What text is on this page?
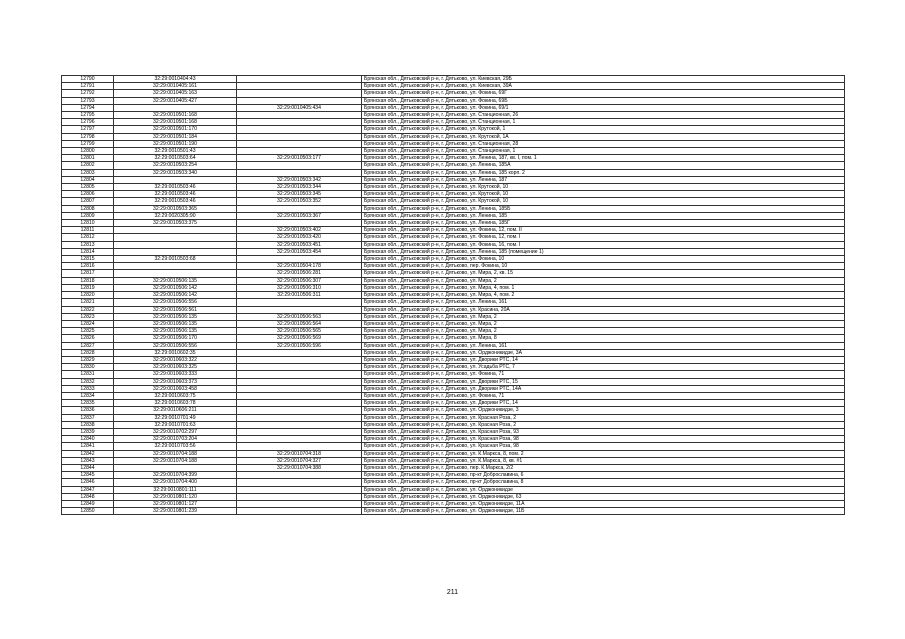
12790	32:29:0010404:43		Брянская обл., Дятьковский р-н, г. Дятьково, ул. Киевская, 29Б
12791	32:29:0010405:161		Брянская обл., Дятьковский р-н, г. Дятьково, ул. Киевская, 39А
12792	32:29:0010405:163		Брянская обл., Дятьковский р-н, г. Дятьково, ул. Фокина, 69Г
12793	32:29:0010405:427		Брянская обл., Дятьковский р-н, г. Дятьково, ул. Фокина, 69Б
12794		32:29:0010405:434	Брянская обл., Дятьковский р-н, г. Дятьково, ул. Фокина, 69/1
12795	32:29:0010501:168		Брянская обл., Дятьковский р-н, г. Дятьково, ул. Станционная, 26
12796	32:29:0010501:168		Брянская обл., Дятьковский р-н, г. Дятьково, ул. Станционная, 1
12797	32:29:0010501:170		Брянская обл., Дятьковский р-н, г. Дятьково, ул. Крутокой, 1
12798	32:29:0010501:184		Брянская обл., Дятьковский р-н, г. Дятьково, ул. Крутокой, 1А
12799	32:29:0010501:190		Брянская обл., Дятьковский р-н, г. Дятьково, ул. Станционная, 28
12800	32:29:0010501:43		Брянская обл., Дятьковский р-н, г. Дятьково, ул. Станционная, 1
12801	32:29:0010503:64	32:29:0010503:177	Брянская обл., Дятьковский р-н, г. Дятьково, ул. Ленина, 187, кв. I, пом. 1
12802	32:29:0010503:254		Брянская обл., Дятьковский р-н, г. Дятьково, ул. Ленина, 185А
12803	32:29:0010503:340		Брянская обл., Дятьковский р-н, г. Дятьково, ул. Ленина, 185 корп. 2
12804		32:29:0010503:342	Брянская обл., Дятьковский р-н, г. Дятьково, ул. Ленина, 187
12805	32:29:0010503:46	32:29:0010503:344	Брянская обл., Дятьковский р-н, г. Дятьково, ул. Крутокой, 10
12806	32:29:0010503:46	32:29:0010503:345	Брянская обл., Дятьковский р-н, г. Дятьково, ул. Крутокой, 10
12807	32:29:0010503:46	32:29:0010503:352	Брянская обл., Дятьковский р-н, г. Дятьково, ул. Крутокой, 10
12808	32:29:0010503:365		Брянская обл., Дятьковский р-н, г. Дятьково, ул. Ленина, 185Б
12809	32:29:0020305:90	32:29:0010503:367	Брянская обл., Дятьковский р-н, г. Дятьково, ул. Ленина, 185
12810	32:29:0010503:375		Брянская обл., Дятьковский р-н, г. Дятьково, ул. Ленина, 185Г
12811		32:29:0010503:402	Брянская обл., Дятьковский р-н, г. Дятьково, ул. Фокина, 12, пом. II
12812		32:29:0010503:420	Брянская обл., Дятьковский р-н, г. Дятьково, ул. Фокина, 12, пом. I
12813		32:29:0010503:451	Брянская обл., Дятьковский р-н, г. Дятьково, ул. Фокина, 16, пом. I
12814		32:29:0010503:454	Брянская обл., Дятьковский р-н, г. Дятьково, ул. Ленина, 185 (помещение 1)
12815	32:29:0010503:68		Брянская обл., Дятьковский р-н, г. Дятьково, ул. Фокина, 10
12816		32:29:0010504:178	Брянская обл., Дятьковский р-н, г. Дятьково, пер. Фокина, 10
12817		32:29:0010506:281	Брянская обл., Дятьковский р-н, г. Дятьково, ул. Мира, 2, кв. 15
12818	32:29:0010506:135	32:29:0010506:307	Брянская обл., Дятьковский р-н, г. Дятьково, ул. Мира, 2
12819	32:29:0010506:142	32:29:0010506:310	Брянская обл., Дятьковский р-н, г. Дятьково, ул. Мира, 4, пом. 1
12820	32:29:0010506:142	32:29:0010506:311	Брянская обл., Дятьковский р-н, г. Дятьково, ул. Мира, 4, пом. 2
12821	32:29:0010506:556		Брянская обл., Дятьковский р-н, г. Дятьково, ул. Ленина, 161
12822	32:29:0010506:561		Брянская обл., Дятьковский р-н, г. Дятьково, ул. Красина, 20А
12823	32:29:0010506:135	32:29:0010506:563	Брянская обл., Дятьковский р-н, г. Дятьково, ул. Мира, 2
12824	32:29:0010506:135	32:29:0010506:564	Брянская обл., Дятьковский р-н, г. Дятьково, ул. Мира, 2
12825	32:29:0010506:135	32:29:0010506:565	Брянская обл., Дятьковский р-н, г. Дятьково, ул. Мира, 2
12826	32:29:0010506:170	32:29:0010506:569	Брянская обл., Дятьковский р-н, г. Дятьково, ул. Мира, 8
12827	32:29:0010506:556	32:29:0010506:596	Брянская обл., Дятьковский р-н, г. Дятьково, ул. Ленина, 161
12828	32:29:0010602:35		Брянская обл., Дятьковский р-н, г. Дятьково, ул. Орджоникидзе, 3А
12829	32:29:0010603:322		Брянская обл., Дятьковский р-н, г. Дятьково, ул. Дворики РТС, 14
12830	32:29:0010603:325		Брянская обл., Дятьковский р-н, г. Дятьково, ул. Усадьба РТС, 7
12831	32:29:0010603:333		Брянская обл., Дятьковский р-н, г. Дятьково, ул. Фокина, 71
12832	32:29:0010603:373		Брянская обл., Дятьковский р-н, г. Дятьково, ул. Дворики РТС, 15
12833	32:29:0010603:458		Брянская обл., Дятьковский р-н, г. Дятьково, ул. Дворики РТС, 14А
12834	32:29:0010603:75		Брянская обл., Дятьковский р-н, г. Дятьково, ул. Фокина, 71
12835	32:29:0010603:78		Брянская обл., Дятьковский р-н, г. Дятьково, ул. Дворики РТС, 14
12836	32:29:0010606:211		Брянская обл., Дятьковский р-н, г. Дятьково, ул. Орджоникидзе, 3
12837	32:29:0010701:49		Брянская обл., Дятьковский р-н, г. Дятьково, ул. Красная Роза, 2
12838	32:29:0010701:63		Брянская обл., Дятьковский р-н, г. Дятьково, ул. Красная Роза, 2
12839	32:29:0010702:297		Брянская обл., Дятьковский р-н, г. Дятьково, ул. Красная Роза, 93
12840	32:29:0010703:204		Брянская обл., Дятьковский р-н, г. Дятьково, ул. Красная Роза, 98
12841	32:29:0010703:56		Брянская обл., Дятьковский р-н, г. Дятьково, ул. Красная Роза, 98
12842	32:29:0010704:188	32:29:0010704:318	Брянская обл., Дятьковский р-н, г. Дятьково, ул. К.Маркса, 8, пом. 2
12843	32:29:0010704:188	32:29:0010704:327	Брянская обл., Дятьковский р-н, г. Дятьково, ул. К.Маркса, 8, кв. #1
12844		32:29:0010704:388	Брянская обл., Дятьковский р-н, г. Дятьково, пер. К.Маркса, 2/2
12845	32:29:0010704:399		Брянская обл., Дятьковский р-н, г. Дятьково, пр-кт Доброславина, 6
12846	32:29:0010704:400		Брянская обл., Дятьковский р-н, г. Дятьково, пр-кт Доброславина, 8
12847	32:29:0010801:111		Брянская обл., Дятьковский р-н, г. Дятьково, ул. Орджоникидзе
12848	32:29:0010801:120		Брянская обл., Дятьковский р-н, г. Дятьково, ул. Орджоникидзе, 63
12849	32:29:0010801:127		Брянская обл., Дятьковский р-н, г. Дятьково, ул. Орджоникидзе, 11А
12850	32:29:0010801:239		Брянская обл., Дятьковский р-н, г. Дятьково, ул. Орджоникидзе, 11Б
211
